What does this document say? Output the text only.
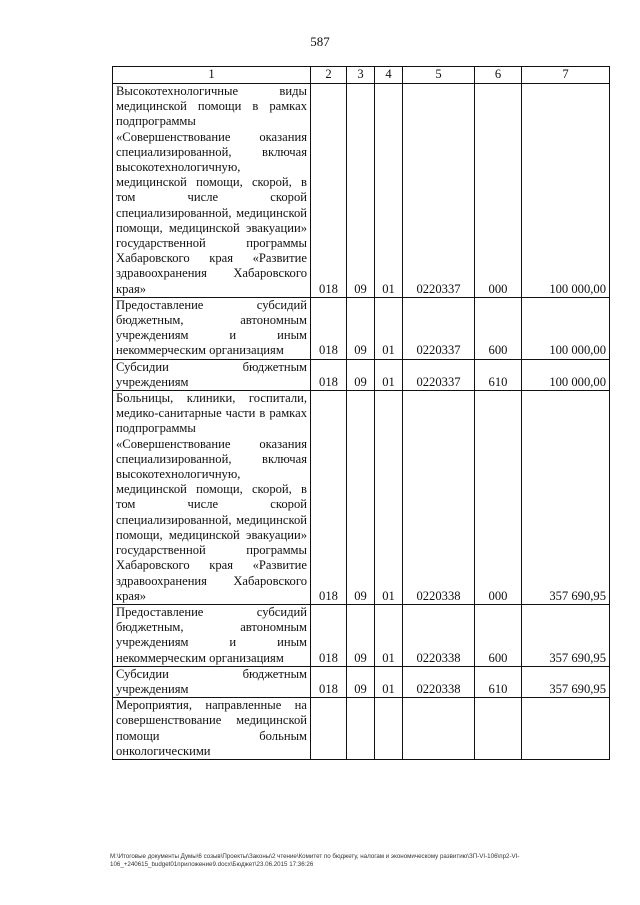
587
1	2	3	4	5	6	7
Высокотехнологичные виды медицинской помощи в рамках подпрограммы «Совершенствование оказания специализированной, включая высокотехнологичную, медицинской помощи, скорой, в том числе скорой специализированной, медицинской помощи, медицинской эвакуации» государственной программы Хабаровского края «Развитие здравоохранения Хабаровского края»	018	09	01	0220337	000	100 000,00
Предоставление субсидий бюджетным, автономным учреждениям и иным некоммерческим организациям	018	09	01	0220337	600	100 000,00
Субсидии бюджетным учреждениям	018	09	01	0220337	610	100 000,00
Больницы, клиники, госпитали, медико-санитарные части в рамках подпрограммы «Совершенствование оказания специализированной, включая высокотехнологичную, медицинской помощи, скорой, в том числе скорой специализированной, медицинской помощи, медицинской эвакуации» государственной программы Хабаровского края «Развитие здравоохранения Хабаровского края»	018	09	01	0220338	000	357 690,95
Предоставление субсидий бюджетным, автономным учреждениям и иным некоммерческим организациям	018	09	01	0220338	600	357 690,95
Субсидии бюджетным учреждениям	018	09	01	0220338	610	357 690,95
Мероприятия, направленные на совершенствование медицинской помощи больным онкологическими						
М:\Итоговые документы Думы\6 созыв\Проекты\Законы\2 чтение\Комитет по бюджету, налогам и экономическому развитию\ЗП-VI-106\пр2-VI-106_+240615_budget01приложение9.docx\Бюджет\23.06.2015 17:36:26
